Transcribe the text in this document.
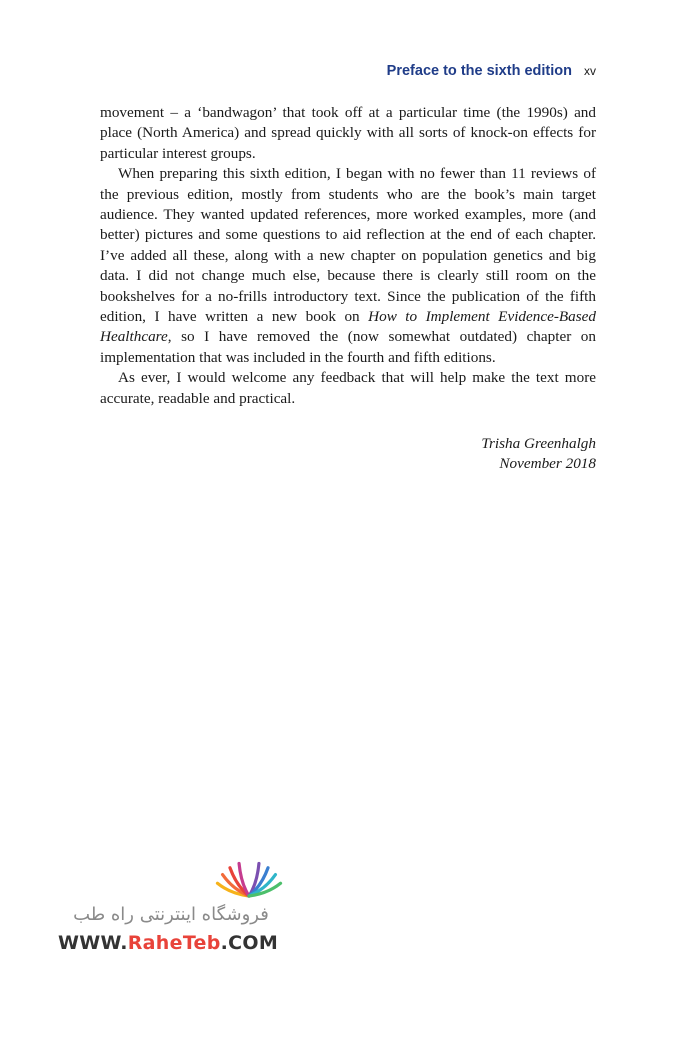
Preface to the sixth edition xv

movement – a ‘bandwagon’ that took off at a particular time (the 1990s) and place (North America) and spread quickly with all sorts of knock-on effects for particular interest groups.

When preparing this sixth edition, I began with no fewer than 11 reviews of the previous edition, mostly from students who are the book’s main target audience. They wanted updated references, more worked examples, more (and better) pictures and some questions to aid reflection at the end of each chapter. I’ve added all these, along with a new chapter on population genetics and big data. I did not change much else, because there is clearly still room on the bookshelves for a no-frills introductory text. Since the publication of the fifth edition, I have written a new book on How to Implement Evidence-Based Healthcare, so I have removed the (now somewhat outdated) chapter on implementation that was included in the fourth and fifth editions.

As ever, I would welcome any feedback that will help make the text more accurate, readable and practical.

Trisha Greenhalgh
November 2018
فروشگاه اینترنتی راه طب
WWW.RaheTeb.COM
